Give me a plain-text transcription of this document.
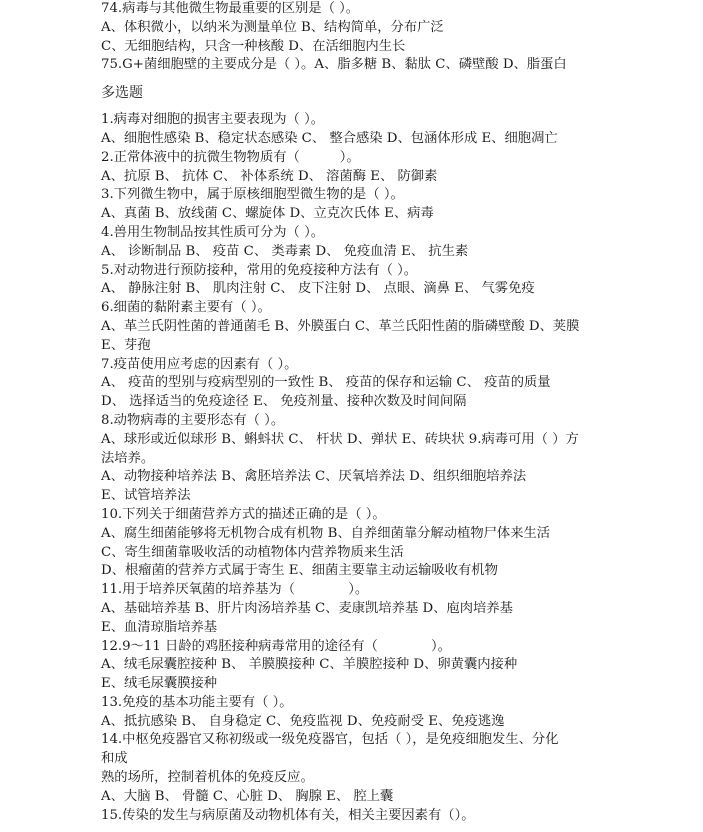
74.病毒与其他微生物最重要的区别是（ ）。
A、体积微小，以纳米为测量单位 B、结构简单，分布广泛
C、无细胞结构，只含一种核酸 D、在活细胞内生长
75.G+菌细胞壁的主要成分是（ ）。A、脂多糖 B、黏肽 C、磷壁酸 D、脂蛋白
多选题
1.病毒对细胞的损害主要表现为（ ）。
A、细胞性感染 B、稳定状态感染 C、 整合感染 D、包涵体形成 E、细胞凋亡
2.正常体液中的抗微生物物质有（　　　）。
A、抗原 B、 抗体 C、 补体系统 D、 溶菌酶 E、 防御素
3.下列微生物中，属于原核细胞型微生物的是（ ）。
A、真菌 B、放线菌 C、螺旋体 D、立克次氏体 E、病毒
4.兽用生物制品按其性质可分为（ ）。
A、 诊断制品 B、 疫苗 C、 类毒素 D、 免疫血清 E、 抗生素
5.对动物进行预防接种，常用的免疫接种方法有（ ）。
A、 静脉注射 B、 肌肉注射 C、 皮下注射 D、 点眼、滴鼻 E、 气雾免疫
6.细菌的黏附素主要有（ ）。
A、革兰氏阴性菌的普通菌毛 B、外膜蛋白 C、革兰氏阳性菌的脂磷壁酸 D、荚膜
E、芽孢
7.疫苗使用应考虑的因素有（ ）。
A、 疫苗的型别与疫病型别的一致性 B、 疫苗的保存和运输 C、 疫苗的质量
D、 选择适当的免疫途径 E、 免疫剂量、接种次数及时间间隔
8.动物病毒的主要形态有（ ）。
A、球形或近似球形 B、蝌蚪状 C、 杆状 D、弹状 E、砖块状 9.病毒可用（ ）方
法培养。
A、动物接种培养法 B、禽胚培养法 C、厌氧培养法 D、组织细胞培养法
E、试管培养法
10.下列关于细菌营养方式的描述正确的是（ ）。
A、腐生细菌能够将无机物合成有机物 B、自养细菌靠分解动植物尸体来生活
C、寄生细菌靠吸收活的动植物体内营养物质来生活
D、根瘤菌的营养方式属于寄生 E、细菌主要靠主动运输吸收有机物
11.用于培养厌氧菌的培养基为（　　　　）。
A、基础培养基 B、肝片肉汤培养基 C、麦康凯培养基 D、庖肉培养基
E、血清琼脂培养基
12.9～11 日龄的鸡胚接种病毒常用的途径有（　　　　）。
A、绒毛尿囊腔接种 B、 羊膜膜接种 C、羊膜腔接种 D、卵黄囊内接种
E、绒毛尿囊膜接种
13.免疫的基本功能主要有（ ）。
A、抵抗感染 B、 自身稳定 C、免疫监视 D、免疫耐受 E、免疫逃逸
14.中枢免疫器官又称初级或一级免疫器官，包括（ ），是免疫细胞发生、分化
和成
熟的场所，控制着机体的免疫反应。
A、大脑 B、 骨髓 C、心脏 D、 胸腺 E、 腔上囊
15.传染的发生与病原菌及动物机体有关，相关主要因素有（）。
